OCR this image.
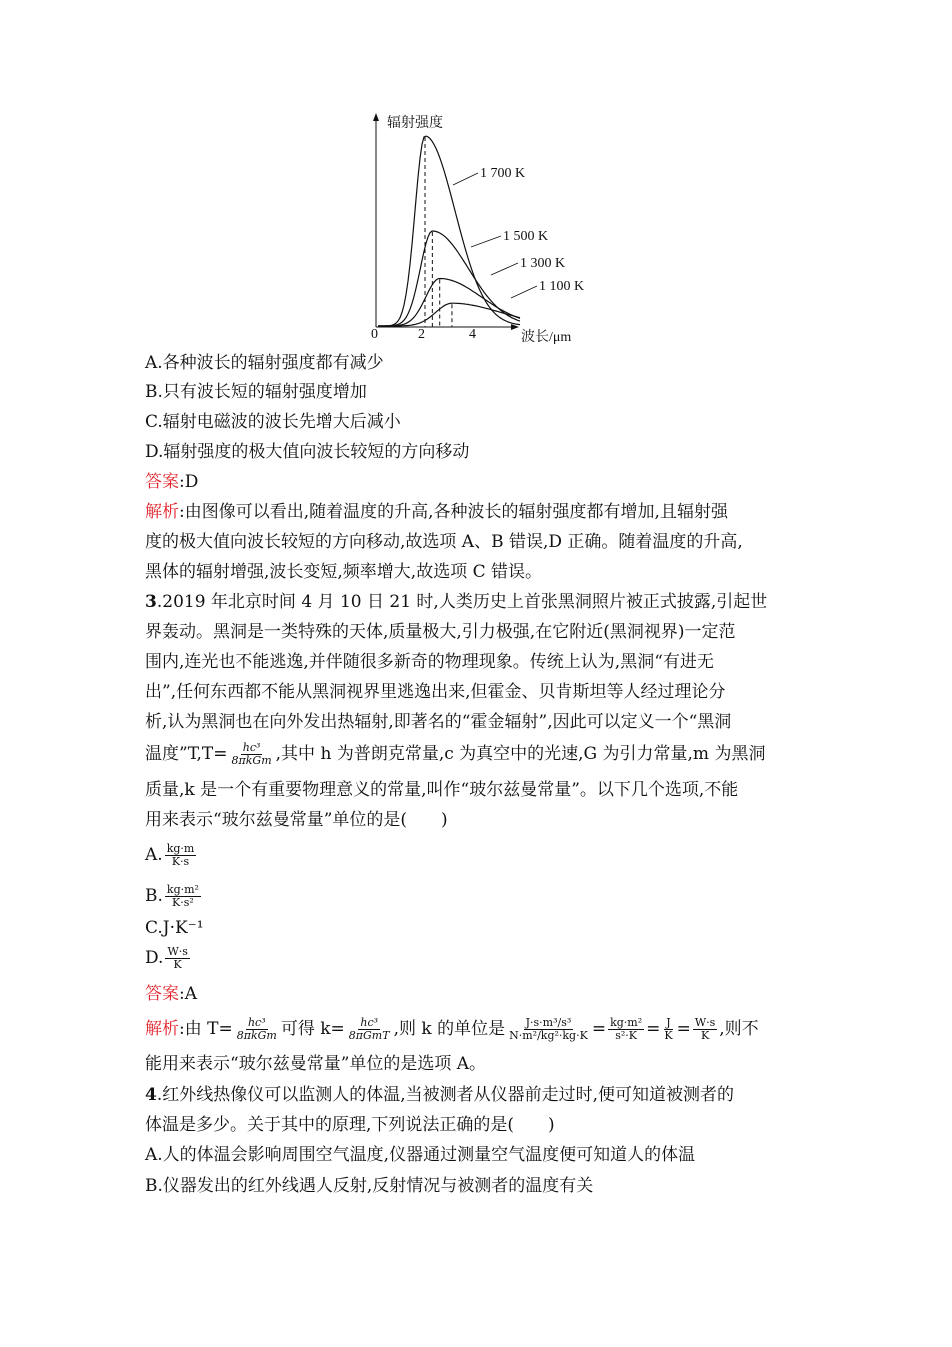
辐射强度
波长/μm
0	2	4
1 700 K
1 500 K
1 300 K
1 100 K
A.各种波长的辐射强度都有减少
B.只有波长短的辐射强度增加
C.辐射电磁波的波长先增大后减小
D.辐射强度的极大值向波长较短的方向移动
答案:D
解析:由图像可以看出,随着温度的升高,各种波长的辐射强度都有增加,且辐射强
度的极大值向波长较短的方向移动,故选项 A、B 错误,D 正确。随着温度的升高,
黑体的辐射增强,波长变短,频率增大,故选项 C 错误。
3.2019 年北京时间 4 月 10 日 21 时,人类历史上首张黑洞照片被正式披露,引起世
界轰动。黑洞是一类特殊的天体,质量极大,引力极强,在它附近(黑洞视界)一定范
围内,连光也不能逃逸,并伴随很多新奇的物理现象。传统上认为,黑洞“有进无
出”,任何东西都不能从黑洞视界里逃逸出来,但霍金、贝肯斯坦等人经过理论分
析,认为黑洞也在向外发出热辐射,即著名的“霍金辐射”,因此可以定义一个“黑洞
温度”T,T= $\frac{\text{hc³}}{\text{8πkGm}}$ ,其中 h 为普朗克常量,c 为真空中的光速,G 为引力常量,m 为黑洞
质量,k 是一个有重要物理意义的常量,叫作“玻尔兹曼常量”。以下几个选项,不能
用来表示“玻尔兹曼常量”单位的是(　　)
A. $\frac{kg\cdot m}{K\cdot s}$
B. $\frac{\text{kg·m²}}{\text{K·s²}}$
C.J·K⁻¹
D. $\frac{W\cdot s}{K}$
答案:A
解析:由 $T= \frac{\text{hc³}}{\text{8πkGm}}$ 可得 $k= \frac{\text{hc³}}{\text{8πGmT}}$ ,则 k 的单位是 $\frac{\text{J·s·m³/s³}}{\text{N·m²/kg²·kg·K}} = \frac{\text{kg·m²}}{\text{s²·K}} = \frac{J}{K} = \frac{W\cdot s}{K}$ ,则不
能用来表示“玻尔兹曼常量”单位的是选项 A。
4.红外线热像仪可以监测人的体温,当被测者从仪器前走过时,便可知道被测者的
体温是多少。关于其中的原理,下列说法正确的是(　　)
A.人的体温会影响周围空气温度,仪器通过测量空气温度便可知道人的体温
B.仪器发出的红外线遇人反射,反射情况与被测者的温度有关
